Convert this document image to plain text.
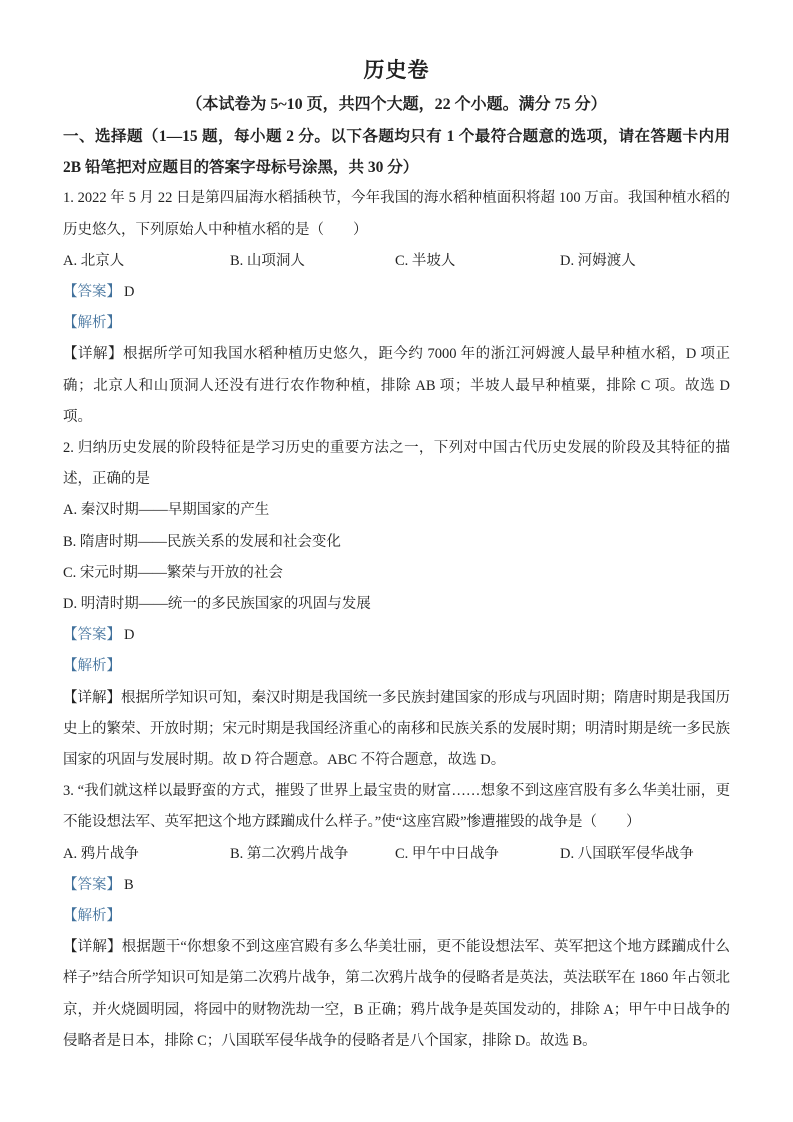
历史卷

（本试卷为 5~10 页，共四个大题，22 个小题。满分 75 分）

一、选择题（1—15 题，每小题 2 分。以下各题均只有 1 个最符合题意的选项，请在答题卡内用 2B 铅笔把对应题目的答案字母标号涂黑，共 30 分）

1. 2022 年 5 月 22 日是第四届海水稻插秧节，今年我国的海水稻种植面积将超 100 万亩。我国种植水稻的历史悠久，下列原始人中种植水稻的是（　　）

A. 北京人	B. 山项洞人	C. 半坡人	D. 河姆渡人

【答案】 D

【解析】

【详解】根据所学可知我国水稻种植历史悠久，距今约 7000 年的浙江河姆渡人最早种植水稻，D 项正确；北京人和山顶洞人还没有进行农作物种植，排除 AB 项；半坡人最早种植粟，排除 C 项。故选 D 项。

2. 归纳历史发展的阶段特征是学习历史的重要方法之一，下列对中国古代历史发展的阶段及其特征的描述，正确的是

A. 秦汉时期——早期国家的产生

B. 隋唐时期——民族关系的发展和社会变化

C. 宋元时期——繁荣与开放的社会

D. 明清时期——统一的多民族国家的巩固与发展

【答案】 D

【解析】

【详解】根据所学知识可知，秦汉时期是我国统一多民族封建国家的形成与巩固时期；隋唐时期是我国历史上的繁荣、开放时期；宋元时期是我国经济重心的南移和民族关系的发展时期；明清时期是统一多民族国家的巩固与发展时期。故 D 符合题意。ABC 不符合题意，故选 D。

3. “我们就这样以最野蛮的方式，摧毁了世界上最宝贵的财富……想象不到这座宫股有多么华美壮丽，更不能设想法军、英军把这个地方蹂躏成什么样子。”使“这座宫殿”惨遭摧毁的战争是（　　）

A. 鸦片战争	B. 第二次鸦片战争	C. 甲午中日战争	D. 八国联军侵华战争

【答案】 B

【解析】

【详解】根据题干“你想象不到这座宫殿有多么华美壮丽，更不能设想法军、英军把这个地方蹂躏成什么样子”结合所学知识可知是第二次鸦片战争，第二次鸦片战争的侵略者是英法，英法联军在 1860 年占领北京，并火烧圆明园，将园中的财物洗劫一空，B 正确；鸦片战争是英国发动的，排除 A；甲午中日战争的侵略者是日本，排除 C；八国联军侵华战争的侵略者是八个国家，排除 D。故选 B。
